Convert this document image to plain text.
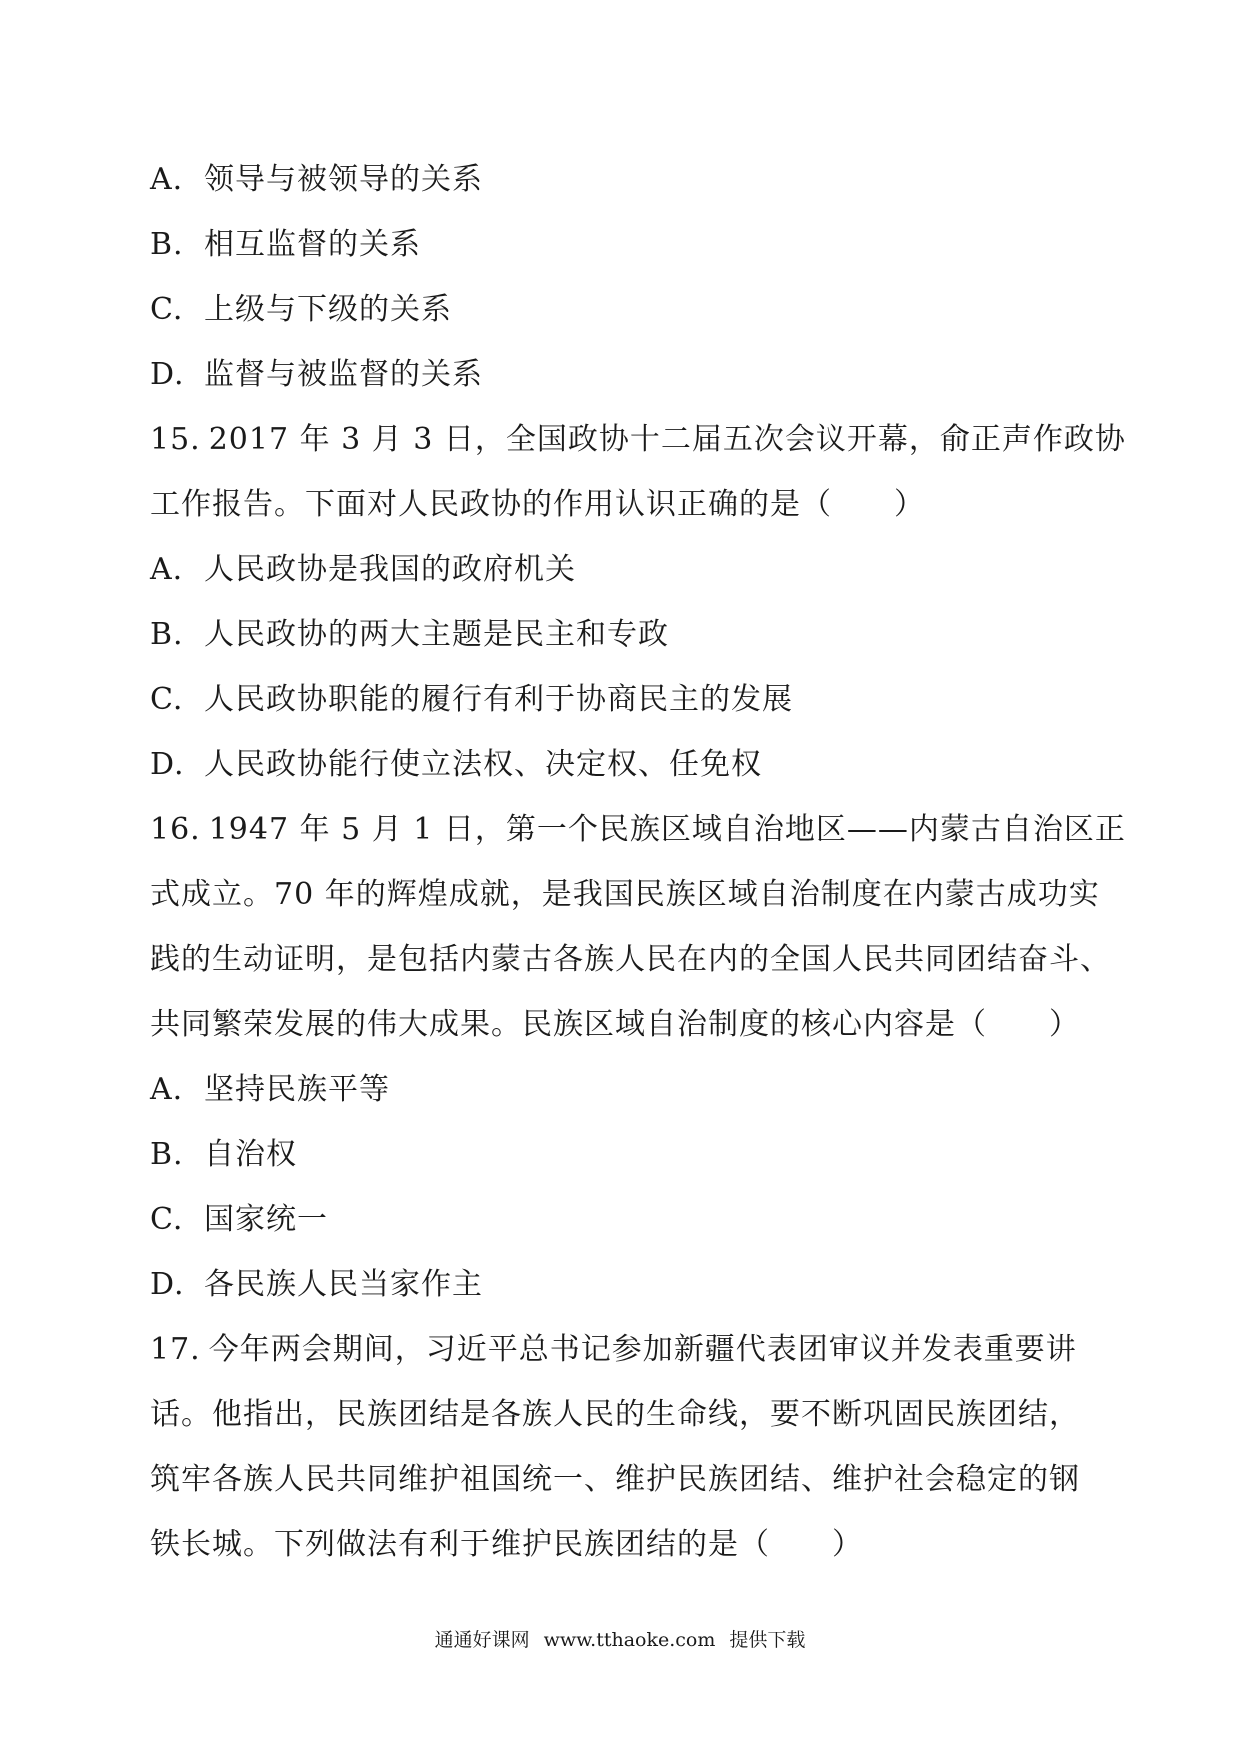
A. 领导与被领导的关系
B. 相互监督的关系
C. 上级与下级的关系
D. 监督与被监督的关系
15. 2017 年 3 月 3 日，全国政协十二届五次会议开幕，俞正声作政协
工作报告。下面对人民政协的作用认识正确的是（　　）
A. 人民政协是我国的政府机关
B. 人民政协的两大主题是民主和专政
C. 人民政协职能的履行有利于协商民主的发展
D. 人民政协能行使立法权、决定权、任免权
16. 1947 年 5 月 1 日，第一个民族区域自治地区——内蒙古自治区正
式成立。70 年的辉煌成就，是我国民族区域自治制度在内蒙古成功实
践的生动证明，是包括内蒙古各族人民在内的全国人民共同团结奋斗、
共同繁荣发展的伟大成果。民族区域自治制度的核心内容是（　　）
A. 坚持民族平等
B. 自治权
C. 国家统一
D. 各民族人民当家作主
17. 今年两会期间，习近平总书记参加新疆代表团审议并发表重要讲
话。他指出，民族团结是各族人民的生命线，要不断巩固民族团结，
筑牢各族人民共同维护祖国统一、维护民族团结、维护社会稳定的钢
铁长城。下列做法有利于维护民族团结的是（　　）
通通好课网 www.tthaoke.com 提供下载
